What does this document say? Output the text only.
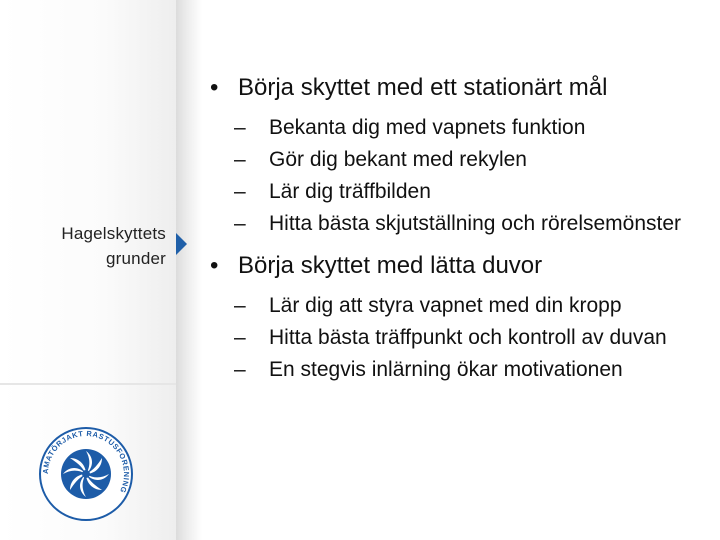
Hagelskyttets
grunder
AMATÖRJAKT RASTUSFORENING
• Börja skyttet med ett stationärt mål
– Bekanta dig med vapnets funktion
– Gör dig bekant med rekylen
– Lär dig träffbilden
– Hitta bästa skjutställning och rörelsemönster
• Börja skyttet med lätta duvor
– Lär dig att styra vapnet med din kropp
– Hitta bästa träffpunkt och kontroll av duvan
– En stegvis inlärning ökar motivationen
